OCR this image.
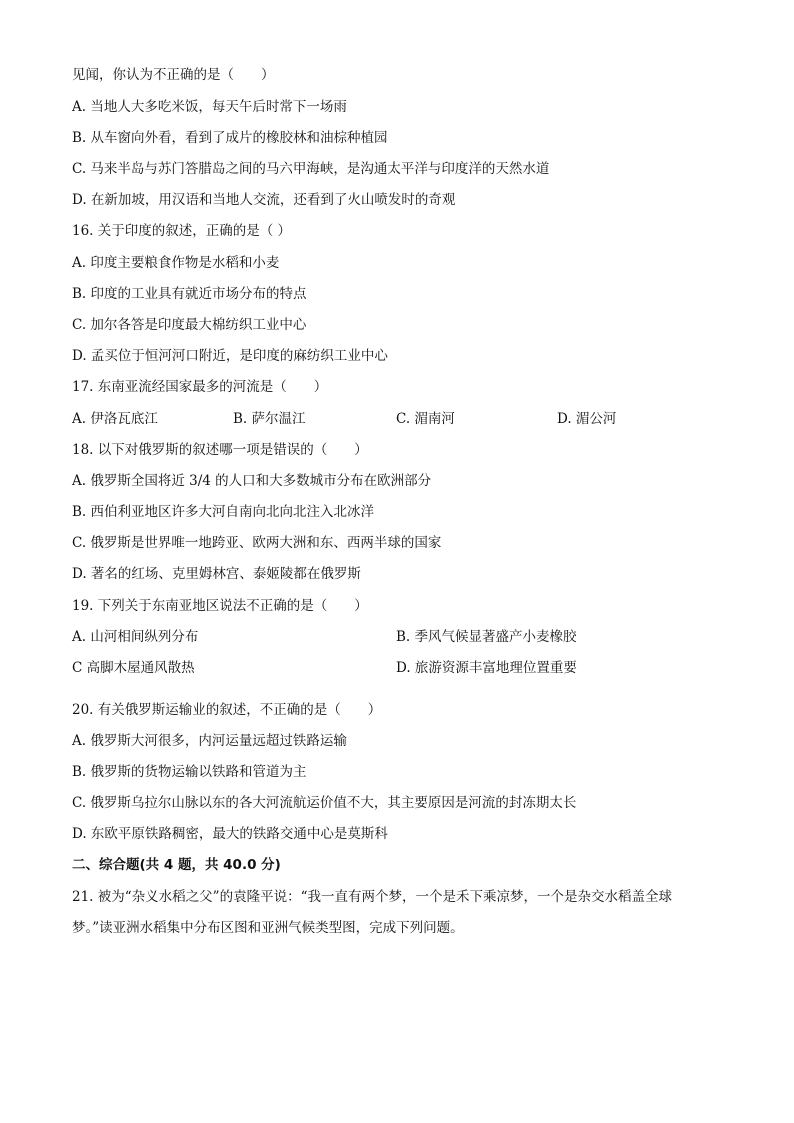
见闻，你认为不正确的是（　　）
A. 当地人大多吃米饭，每天午后时常下一场雨
B. 从车窗向外看，看到了成片的橡胶林和油棕种植园
C. 马来半岛与苏门答腊岛之间的马六甲海峡，是沟通太平洋与印度洋的天然水道
D. 在新加坡，用汉语和当地人交流，还看到了火山喷发时的奇观
16. 关于印度的叙述，正确的是（ ）
A. 印度主要粮食作物是水稻和小麦
B. 印度的工业具有就近市场分布的特点
C. 加尔各答是印度最大棉纺织工业中心
D. 孟买位于恒河河口附近，是印度的麻纺织工业中心
17. 东南亚流经国家最多的河流是（　　）
A. 伊洛瓦底江	B. 萨尔温江	C. 湄南河	D. 湄公河
18. 以下对俄罗斯的叙述哪一项是错误的（　　）
A. 俄罗斯全国将近 3/4 的人口和大多数城市分布在欧洲部分
B. 西伯利亚地区许多大河自南向北向北注入北冰洋
C. 俄罗斯是世界唯一地跨亚、欧两大洲和东、西两半球的国家
D. 著名的红场、克里姆林宫、泰姬陵都在俄罗斯
19. 下列关于东南亚地区说法不正确的是（　　）
A. 山河相间纵列分布	B. 季风气候显著盛产小麦橡胶
C 高脚木屋通风散热	D. 旅游资源丰富地理位置重要
20. 有关俄罗斯运输业的叙述，不正确的是（　　）
A. 俄罗斯大河很多，内河运量远超过铁路运输
B. 俄罗斯的货物运输以铁路和管道为主
C. 俄罗斯乌拉尔山脉以东的各大河流航运价值不大，其主要原因是河流的封冻期太长
D. 东欧平原铁路稠密，最大的铁路交通中心是莫斯科
二、综合题(共 4 题，共 40.0 分)
21. 被为“杂义水稻之父”的袁隆平说：“我一直有两个梦，一个是禾下乘凉梦，一个是杂交水稻盖全球
梦。”读亚洲水稻集中分布区图和亚洲气候类型图，完成下列问题。
